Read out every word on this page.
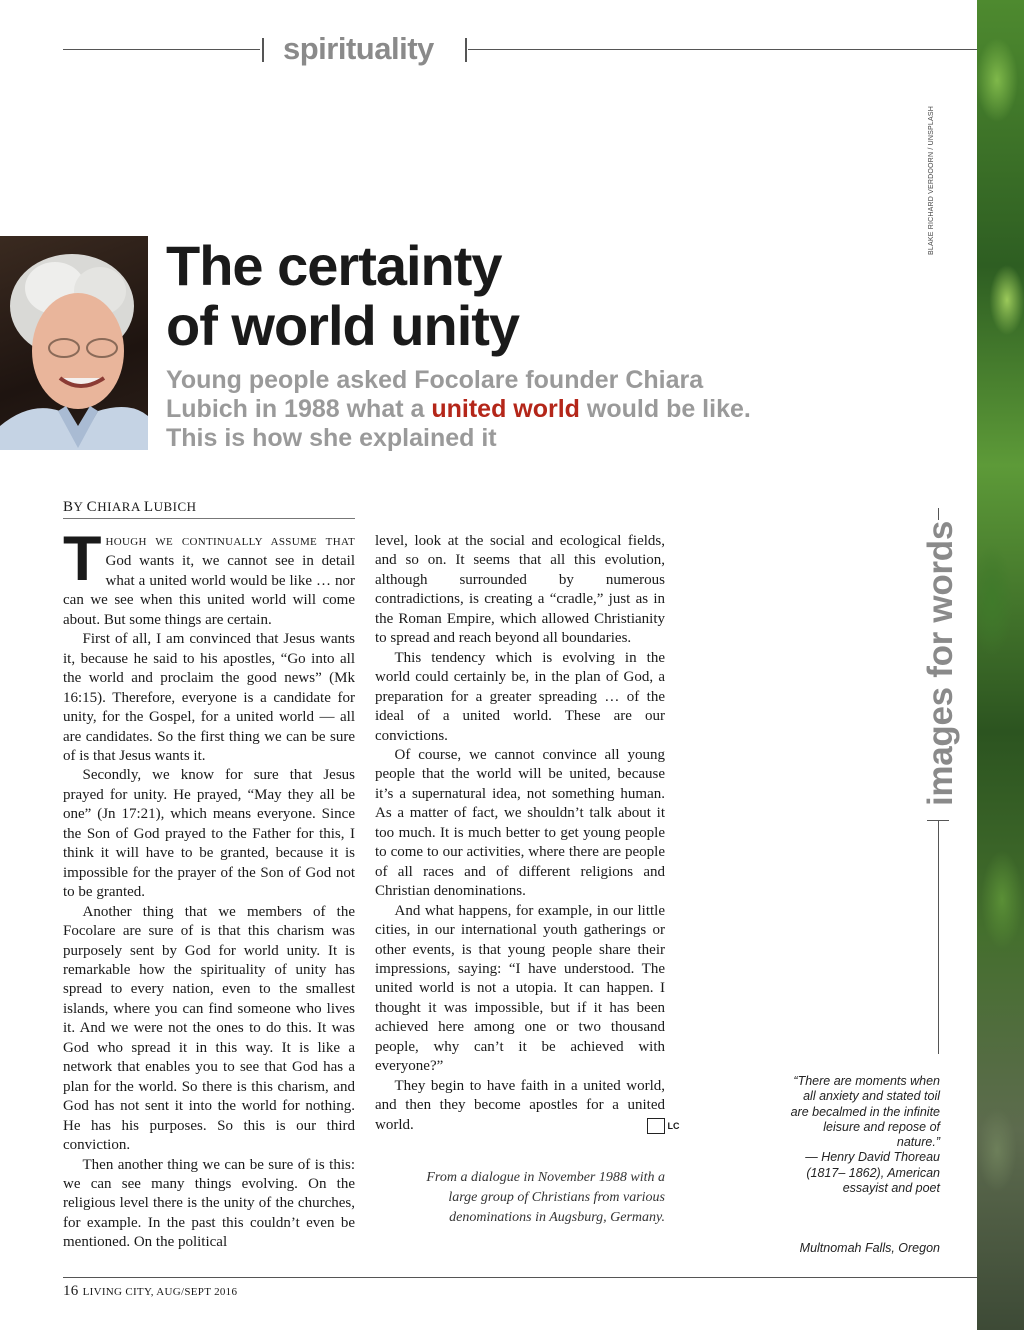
spirituality
BLAKE RICHARD VERDOORN / UNSPLASH
The certainty
of world unity

Young people asked Focolare founder Chiara Lubich in 1988 what a united world would be like. This is how she explained it

BY CHIARA LUBICH

THOUGH WE CONTINUALLY ASSUME THAT God wants it, we cannot see in detail what a united world would be like … nor can we see when this united world will come about. But some things are certain.

First of all, I am convinced that Jesus wants it, because he said to his apostles, “Go into all the world and proclaim the good news” (Mk 16:15). Therefore, everyone is a candidate for unity, for the Gospel, for a united world — all are candidates. So the first thing we can be sure of is that Jesus wants it.

Secondly, we know for sure that Jesus prayed for unity. He prayed, “May they all be one” (Jn 17:21), which means everyone. Since the Son of God prayed to the Father for this, I think it will have to be granted, because it is impossible for the prayer of the Son of God not to be granted.

Another thing that we members of the Focolare are sure of is that this charism was purposely sent by God for world unity. It is remarkable how the spirituality of unity has spread to every nation, even to the smallest islands, where you can find someone who lives it. And we were not the ones to do this. It was God who spread it in this way. It is like a network that enables you to see that God has a plan for the world. So there is this charism, and God has not sent it into the world for nothing. He has his purposes. So this is our third conviction.

Then another thing we can be sure of is this: we can see many things evolving. On the religious level there is the unity of the churches, for example. In the past this couldn’t even be mentioned. On the political

level, look at the social and ecological fields, and so on. It seems that all this evolution, although surrounded by numerous contradictions, is creating a “cradle,” just as in the Roman Empire, which allowed Christianity to spread and reach beyond all boundaries.

This tendency which is evolving in the world could certainly be, in the plan of God, a preparation for a greater spreading … of the ideal of a united world. These are our convictions.

Of course, we cannot convince all young people that the world will be united, because it’s a supernatural idea, not something human. As a matter of fact, we shouldn’t talk about it too much. It is much better to get young people to come to our activities, where there are people of all races and of different religions and Christian denominations.

And what happens, for example, in our little cities, in our international youth gatherings or other events, is that young people share their impressions, saying: “I have understood. The united world is not a utopia. It can happen. I thought it was impossible, but if it has been achieved here among one or two thousand people, why can’t it be achieved with everyone?”

They begin to have faith in a united world, and then they become apostles for a united world.	LC

From a dialogue in November 1988 with a large group of Christians from various denominations in Augsburg, Germany.
images for words
“There are moments when all anxiety and stated toil are becalmed in the infinite leisure and repose of nature.”
— Henry David Thoreau (1817– 1862), American essayist and poet
Multnomah Falls, Oregon
16 LIVING CITY, AUG/SEPT 2016
